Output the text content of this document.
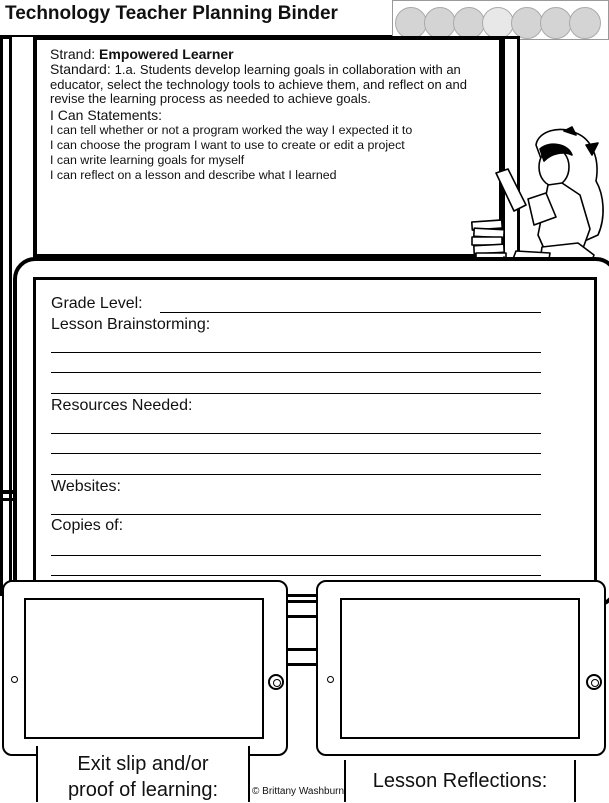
Technology Teacher Planning Binder
Strand: Empowered Learner
Standard: 1.a. Students develop learning goals in collaboration with an educator, select the technology tools to achieve them, and reflect on and revise the learning process as needed to achieve goals.
I Can Statements:
I can tell whether or not a program worked the way I expected it to
I can choose the program I want to use to create or edit a project
I can write learning goals for myself
I can reflect on a lesson and describe what I learned
Grade Level:
Lesson Brainstorming:
Resources Needed:
Websites:
Copies of:
Exit slip and/or
proof of learning:	Lesson Reflections:
© Brittany Washburn
